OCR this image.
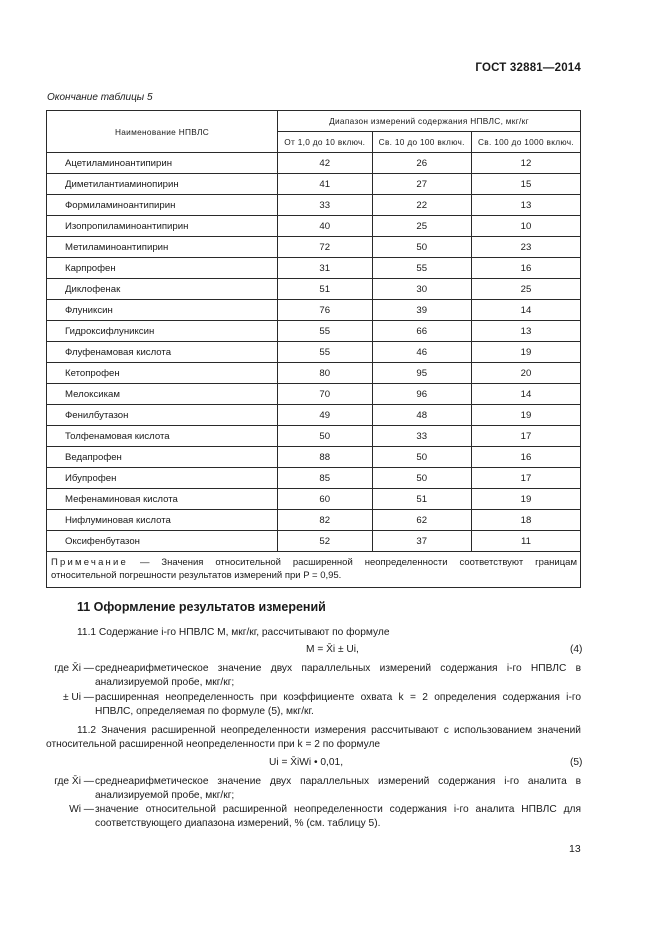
ГОСТ 32881—2014
Окончание таблицы 5
Наименование НПВЛС	Диапазон измерений содержания НПВЛС, мкг/кг		
	От 1,0 до 10 включ.	Св. 10 до 100 включ.	Св. 100 до 1000 включ.
Ацетиламиноантипирин	42	26	12
Диметилантиаминопирин	41	27	15
Формиламиноантипирин	33	22	13
Изопропиламиноантипирин	40	25	10
Метиламиноантипирин	72	50	23
Карпрофен	31	55	16
Диклофенак	51	30	25
Флуниксин	76	39	14
Гидроксифлуниксин	55	66	13
Флуфенамовая кислота	55	46	19
Кетопрофен	80	95	20
Мелоксикам	70	96	14
Фенилбутазон	49	48	19
Толфенамовая кислота	50	33	17
Ведапрофен	88	50	16
Ибупрофен	85	50	17
Мефенаминовая кислота	60	51	19
Нифлуминовая кислота	82	62	18
Оксифенбутазон	52	37	11
Примечание — Значения относительной расширенной неопределенности соответствуют границам относительной погрешности результатов измерений при P = 0,95.			
11 Оформление результатов измерений
11.1 Содержание i-го НПВЛС M, мкг/кг, рассчитывают по формуле
M = X̄i ± Ui,	(4)
где X̄i — среднеарифметическое значение двух параллельных измерений содержания i-го НПВЛС в анализируемой пробе, мкг/кг;
± Ui — расширенная неопределенность при коэффициенте охвата k = 2 определения содержания i-го НПВЛС, определяемая по формуле (5), мкг/кг.
11.2 Значения расширенной неопределенности измерения рассчитывают с использованием значений относительной расширенной неопределенности при k = 2 по формуле
Ui = X̄iWi • 0,01,	(5)
где X̄i — среднеарифметическое значение двух параллельных измерений содержания i-го аналита в анализируемой пробе, мкг/кг;
Wi — значение относительной расширенной неопределенности содержания i-го аналита НПВЛС для соответствующего диапазона измерений, % (см. таблицу 5).
13
